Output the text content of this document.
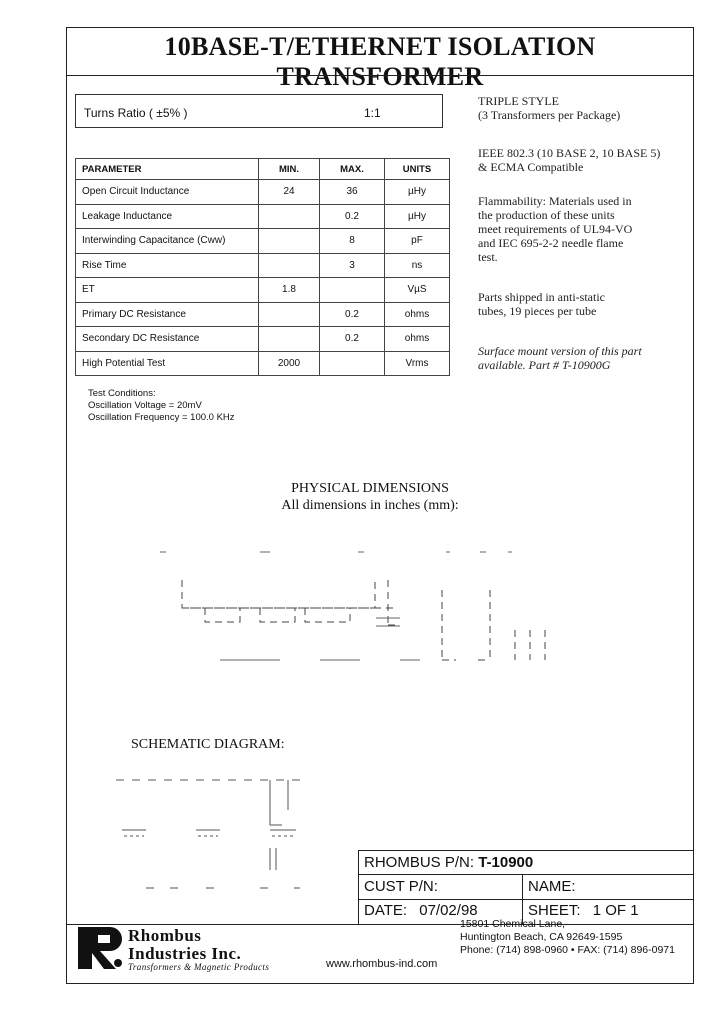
10BASE-T/ETHERNET ISOLATION TRANSFORMER
Turns Ratio ( ±5% )	1:1
PARAMETER	MIN.	MAX.	UNITS
Open Circuit Inductance	24	36	µHy
Leakage Inductance		0.2	µHy
Interwinding Capacitance (Cww)		8	pF
Rise Time		3	ns
ET	1.8		VµS
Primary DC Resistance		0.2	ohms
Secondary DC Resistance		0.2	ohms
High Potential Test	2000		Vrms
Test Conditions:
Oscillation Voltage = 20mV
Oscillation Frequency = 100.0 KHz
TRIPLE STYLE
(3 Transformers per Package)
IEEE 802.3 (10 BASE 2, 10 BASE 5)
& ECMA Compatible
Flammability: Materials used in
the production of these units
meet requirements of UL94-VO
and IEC 695-2-2 needle flame
test.
Parts shipped in anti-static
tubes, 19 pieces per tube
Surface mount version of this part
available. Part # T-10900G
PHYSICAL DIMENSIONS
All dimensions in inches (mm):
SCHEMATIC DIAGRAM:
RHOMBUS P/N: T-10900
CUST P/N:	NAME:
DATE: 07/02/98	SHEET: 1 OF 1
Rhombus
Industries Inc.
Transformers & Magnetic Products	www.rhombus-ind.com
15801 Chemical Lane,
Huntington Beach, CA 92649-1595
Phone: (714) 898-0960 • FAX: (714) 896-0971
